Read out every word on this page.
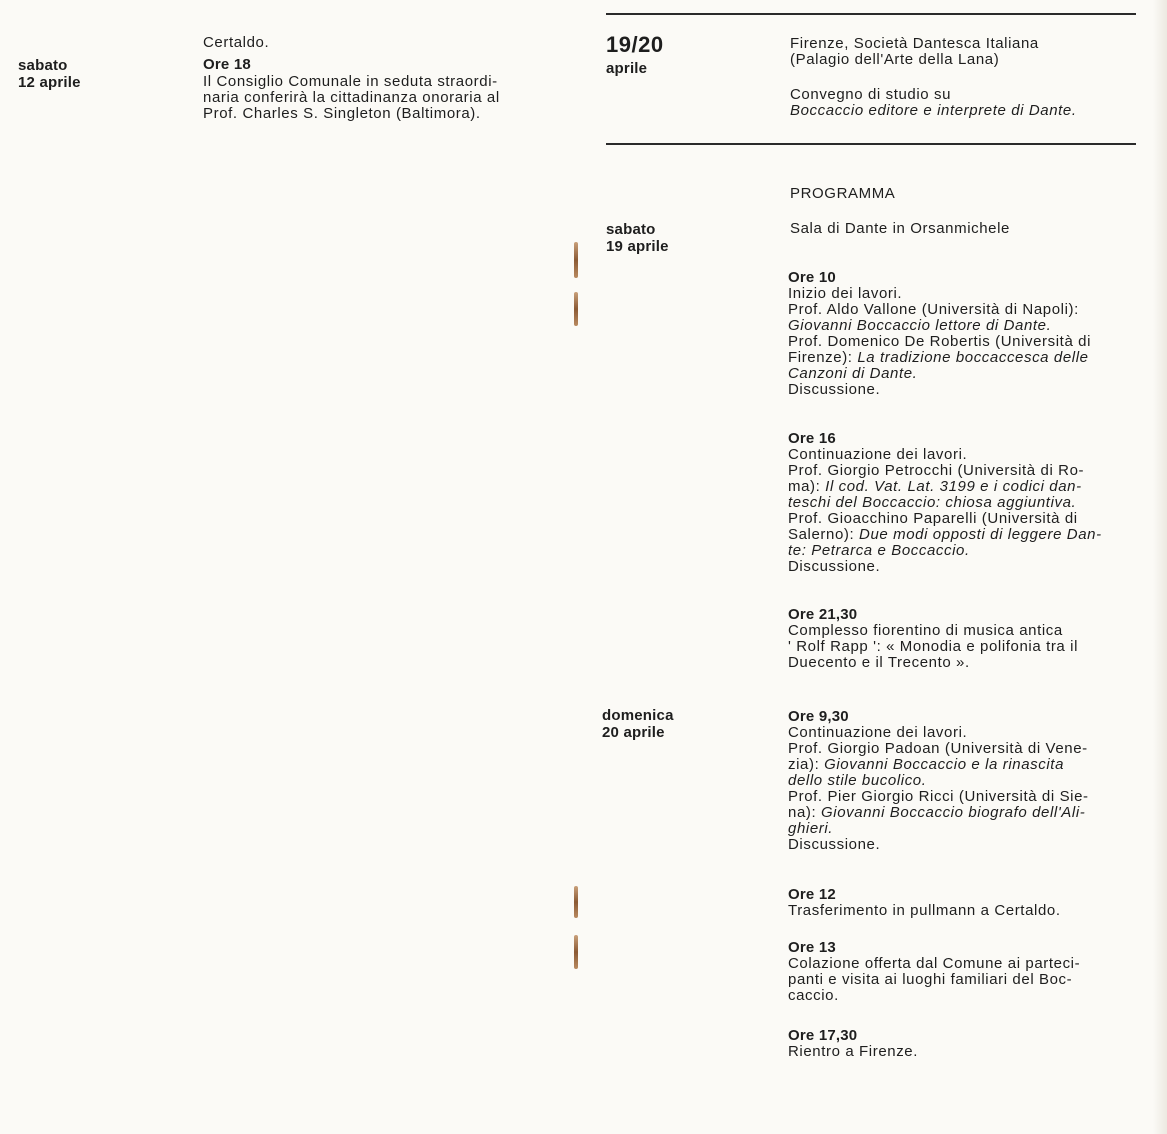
sabato
12 aprile
Certaldo.
Ore 18
Il Consiglio Comunale in seduta straordi-
naria conferirà la cittadinanza onoraria al
Prof. Charles S. Singleton (Baltimora).
19/20
aprile
Firenze, Società Dantesca Italiana
(Palagio dell'Arte della Lana)
Convegno di studio su
Boccaccio editore e interprete di Dante.
PROGRAMMA
sabato
19 aprile
Sala di Dante in Orsanmichele
Ore 10
Inizio dei lavori.
Prof. Aldo Vallone (Università di Napoli):
Giovanni Boccaccio lettore di Dante.
Prof. Domenico De Robertis (Università di
Firenze): La tradizione boccaccesca delle
Canzoni di Dante.
Discussione.
Ore 16
Continuazione dei lavori.
Prof. Giorgio Petrocchi (Università di Ro-
ma): Il cod. Vat. Lat. 3199 e i codici dan-
teschi del Boccaccio: chiosa aggiuntiva.
Prof. Gioacchino Paparelli (Università di
Salerno): Due modi opposti di leggere Dan-
te: Petrarca e Boccaccio.
Discussione.
Ore 21,30
Complesso fiorentino di musica antica
' Rolf Rapp ': « Monodia e polifonia tra il
Duecento e il Trecento ».
domenica
20 aprile
Ore 9,30
Continuazione dei lavori.
Prof. Giorgio Padoan (Università di Vene-
zia): Giovanni Boccaccio e la rinascita
dello stile bucolico.
Prof. Pier Giorgio Ricci (Università di Sie-
na): Giovanni Boccaccio biografo dell'Ali-
ghieri.
Discussione.
Ore 12
Trasferimento in pullmann a Certaldo.
Ore 13
Colazione offerta dal Comune ai parteci-
panti e visita ai luoghi familiari del Boc-
caccio.
Ore 17,30
Rientro a Firenze.
